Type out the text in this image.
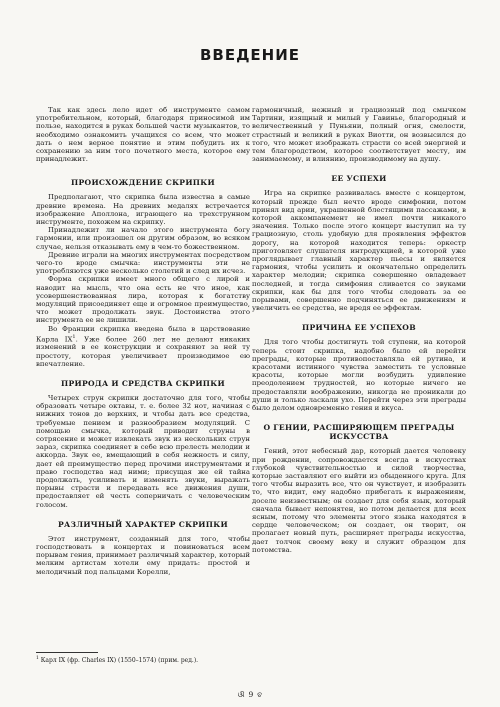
ВВЕДЕНИЕ

Так как здесь лело идет об инструменте самом употребительном, который, благодаря приносимой им пользе, находится в руках большей части музыкантов, то необходимо ознакомить учащихся со всем, что может дать о нем верное понятие и этим побудить их к сохранению за ним того почетного места, которое ему принадлежит.

ПРОИСХОЖДЕНИЕ СКРИПКИ

Предполагают, что скрипка была известна в самые древние времена. На древних медалях встречается изображение Аполлона, играющего на трехструнном инструменте, похожем на скрипку.

Принадлежит ли начало этого инструмента богу гармонии, или произошел он другим образом, во всяком случае, нельзя отказывать ему в чем-то божественном.

Древние играли на многих инструментах посредством чего-то вроде смычка: инструменты эти не употребляются уже несколько столетий и след их исчез.

Форма скрипки имеет много общего с лирой и наводит на мысль, что она есть не что иное, как усовершенствованная лира, которая к богатству модуляций присоединяет еще и огромное преимущество, что может продолжать звук. Достоинства этого инструмента ее не лишили.

Во Франции скрипка введена была в царствование Карла $IX^1$. Уже более 260 лет не делают никаких изменений в ее конструкции и сохраняют за ней ту простоту, которая увеличивает производимое ею впечатление.

ПРИРОДА И СРЕДСТВА СКРИПКИ

Четырех струн скрипки достаточно для того, чтобы образовать четыре октавы, т. е. более 32 нот, начиная с нижних тонов до верхних, и чтобы дать все средства, требуемые пением и разнообразием модуляций. С помощью смычка, который приводит струны в сотрясение и может извлекать звук из нескольких струн зараз, скрипка соединяет в себе всю прелесть мелодии и аккорда. Звук ее, вмещающий в себя нежность и силу, дает ей преимущество перед прочими инструментами и право господства над ними; присущая же ей тайна продолжать, усиливать и изменять звуки, выражать порывы страсти и передавать все движения души, предоставляет ей честь соперничать с человеческим голосом.

РАЗЛИЧНЫЙ ХАРАКТЕР СКРИПКИ

Этот инструмент, созданный для того, чтобы господствовать в концертах и повиноваться всем порывам гения, принимает различный характер, который мелким артистам хотели ему придать: простой и мелодичный под пальцами Корелли,

гармоничный, нежный и грациозный под смычком Тартини, изящный и милый у Гавинье, благородный и величественный у Пуньяни, полный огня, смелости, страстный и великий в руках Виотти, он возвысился до того, что может изображать страсти со всей энергией и тем благородством, которое соответствует месту, им занимаемому, и влиянию, производимому на душу.

ЕЕ УСПЕХИ

Игра на скрипке развивалась вместе с концертом, который прежде был нечто вроде симфонии, потом принял вид арии, украшенной блестящими пассажами, в которой аккомпанемент не имел почти никакого значения. Только после этого концерт выступил на ту грациозную, столь удобную для проявления эффектов дорогу, на которой находится теперь: оркестр приготовляет слушателя интродукцией, в которой уже проглядывает главный характер пьесы и является гармония, чтобы усилить и окончательно определить характер мелодии; скрипка совершенно овладевает последней, и тогда симфония сливается со звуками скрипки, как бы для того чтобы следовать за ее порывами, совершенно подчиняться ее движениям и увеличить ее средства, не вредя ее эффектам.

ПРИЧИНА ЕЕ УСПЕХОВ

Для того чтобы достигнуть той ступени, на которой теперь стоит скрипка, надобно было ей перейти преграды, которые противопоставляла ей рутина, и красотами истинного чувства заместить те условные красоты, которые могли возбудить удивление преодолением трудностей, но которые ничего не предоставляли воображению, никогда не проникали до души и только ласкали ухо. Перейти через эти преграды было делом одновременно гения и вкуса.

О ГЕНИИ, РАСШИРЯЮЩЕМ ПРЕГРАДЫ ИСКУССТВА

Гений, этот небесный дар, который дается человеку при рождении, сопровождается всегда в искусствах глубокой чувствительностью и силой творчества, которые заставляют его выйти из обыденного круга. Для того чтобы выразить все, что он чувствует, и изобразить то, что видит, ему надобно прибегать к выражениям, доселе неизвестным; он создает для себя язык, который сначала бывает непонятен, но потом делается для всех ясным, потому что элементы этого языка находятся в сердце человеческом; он создает, он творит, он пролагает новый путь, расширяет преграды искусства, дает толчок своему веку и служит образцом для потомства.

$^1$ Карл IX (фр. Charles IX) (1550–1574) (прим. ред.).
ଔ 9 ଚ
